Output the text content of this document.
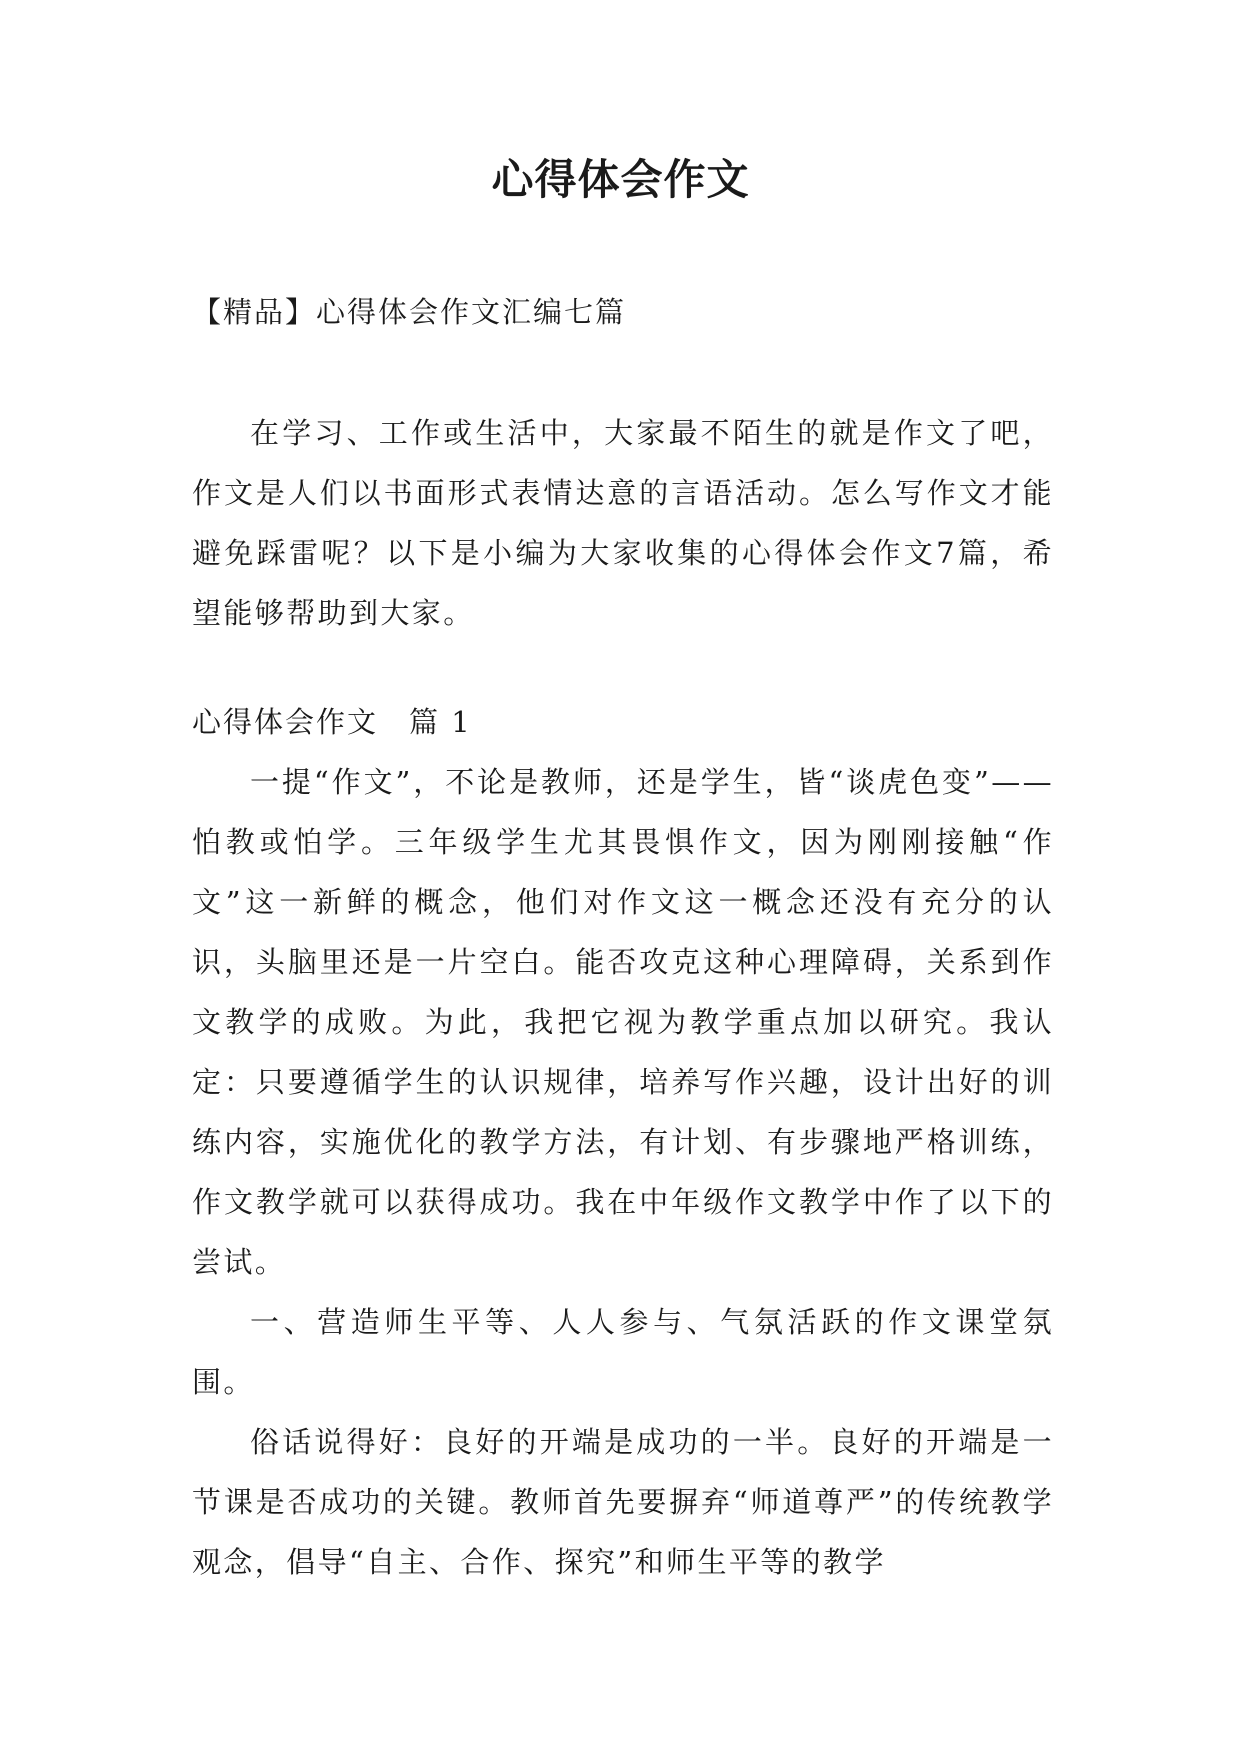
心得体会作文
【精品】心得体会作文汇编七篇

在学习、工作或生活中，大家最不陌生的就是作文了吧，作文是人们以书面形式表情达意的言语活动。怎么写作文才能避免踩雷呢？以下是小编为大家收集的心得体会作文7篇，希望能够帮助到大家。

心得体会作文　篇 1

一提“作文”，不论是教师，还是学生，皆“谈虎色变”——怕教或怕学。三年级学生尤其畏惧作文，因为刚刚接触“作文”这一新鲜的概念，他们对作文这一概念还没有充分的认识，头脑里还是一片空白。能否攻克这种心理障碍，关系到作文教学的成败。为此，我把它视为教学重点加以研究。我认定：只要遵循学生的认识规律，培养写作兴趣，设计出好的训练内容，实施优化的教学方法，有计划、有步骤地严格训练，作文教学就可以获得成功。我在中年级作文教学中作了以下的尝试。

一、营造师生平等、人人参与、气氛活跃的作文课堂氛围。

俗话说得好：良好的开端是成功的一半。良好的开端是一节课是否成功的关键。教师首先要摒弃“师道尊严”的传统教学观念，倡导“自主、合作、探究”和师生平等的教学
